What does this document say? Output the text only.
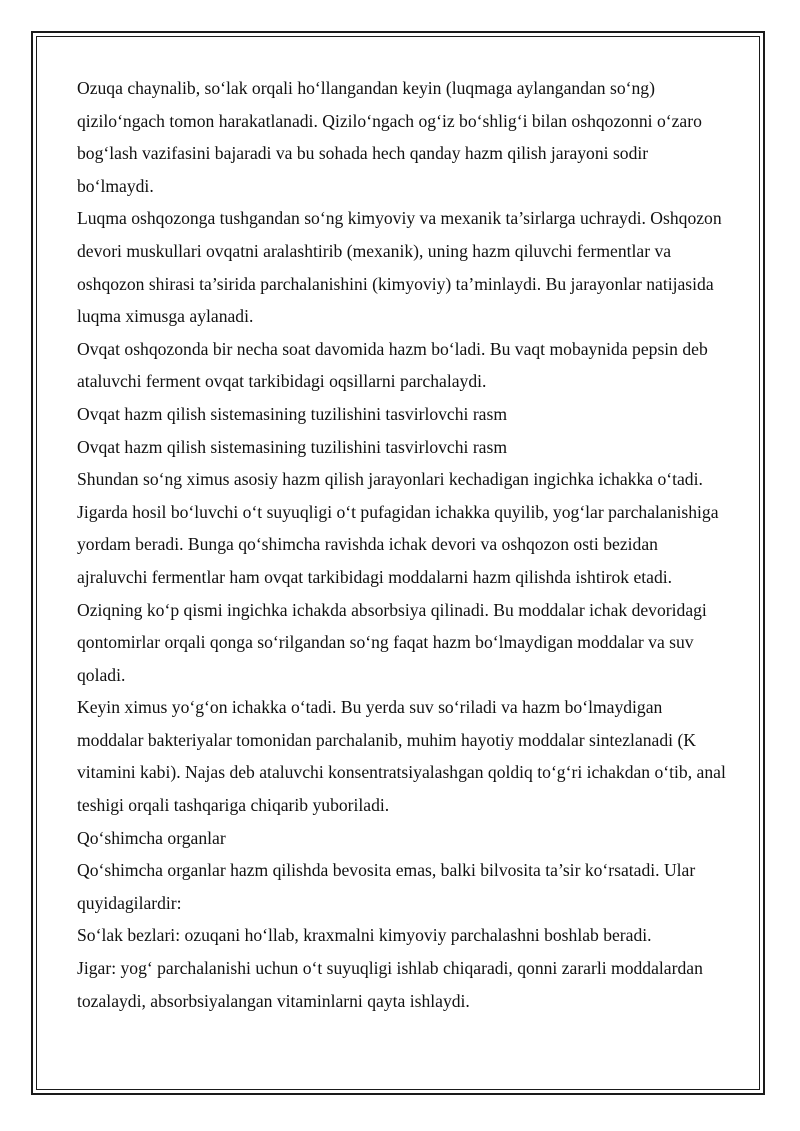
Ozuqa chaynalib, so‘lak orqali ho‘llangandan keyin (luqmaga aylangandan so‘ng) qizilo‘ngach tomon harakatlanadi. Qizilo‘ngach og‘iz bo‘shlig‘i bilan oshqozonni o‘zaro bog‘lash vazifasini bajaradi va bu sohada hech qanday hazm qilish jarayoni sodir bo‘lmaydi.

Luqma oshqozonga tushgandan so‘ng kimyoviy va mexanik ta’sirlarga uchraydi. Oshqozon devori muskullari ovqatni aralashtirib (mexanik), uning hazm qiluvchi fermentlar va oshqozon shirasi ta’sirida parchalanishini (kimyoviy) ta’minlaydi. Bu jarayonlar natijasida luqma ximusga aylanadi.

Ovqat oshqozonda bir necha soat davomida hazm bo‘ladi. Bu vaqt mobaynida pepsin deb ataluvchi ferment ovqat tarkibidagi oqsillarni parchalaydi.

Ovqat hazm qilish sistemasining tuzilishini tasvirlovchi rasm

Ovqat hazm qilish sistemasining tuzilishini tasvirlovchi rasm

Shundan so‘ng ximus asosiy hazm qilish jarayonlari kechadigan ingichka ichakka o‘tadi. Jigarda hosil bo‘luvchi o‘t suyuqligi o‘t pufagidan ichakka quyilib, yog‘lar parchalanishiga yordam beradi. Bunga qo‘shimcha ravishda ichak devori va oshqozon osti bezidan ajraluvchi fermentlar ham ovqat tarkibidagi moddalarni hazm qilishda ishtirok etadi.

Oziqning ko‘p qismi ingichka ichakda absorbsiya qilinadi. Bu moddalar ichak devoridagi qontomirlar orqali qonga so‘rilgandan so‘ng faqat hazm bo‘lmaydigan moddalar va suv qoladi.

Keyin ximus yo‘g‘on ichakka o‘tadi. Bu yerda suv so‘riladi va hazm bo‘lmaydigan moddalar bakteriyalar tomonidan parchalanib, muhim hayotiy moddalar sintezlanadi (K vitamini kabi). Najas deb ataluvchi konsentratsiyalashgan qoldiq to‘g‘ri ichakdan o‘tib, anal teshigi orqali tashqariga chiqarib yuboriladi.

Qo‘shimcha organlar

Qo‘shimcha organlar hazm qilishda bevosita emas, balki bilvosita ta’sir ko‘rsatadi. Ular quyidagilardir:

So‘lak bezlari: ozuqani ho‘llab, kraxmalni kimyoviy parchalashni boshlab beradi.

Jigar: yog‘ parchalanishi uchun o‘t suyuqligi ishlab chiqaradi, qonni zararli moddalardan tozalaydi, absorbsiyalangan vitaminlarni qayta ishlaydi.
